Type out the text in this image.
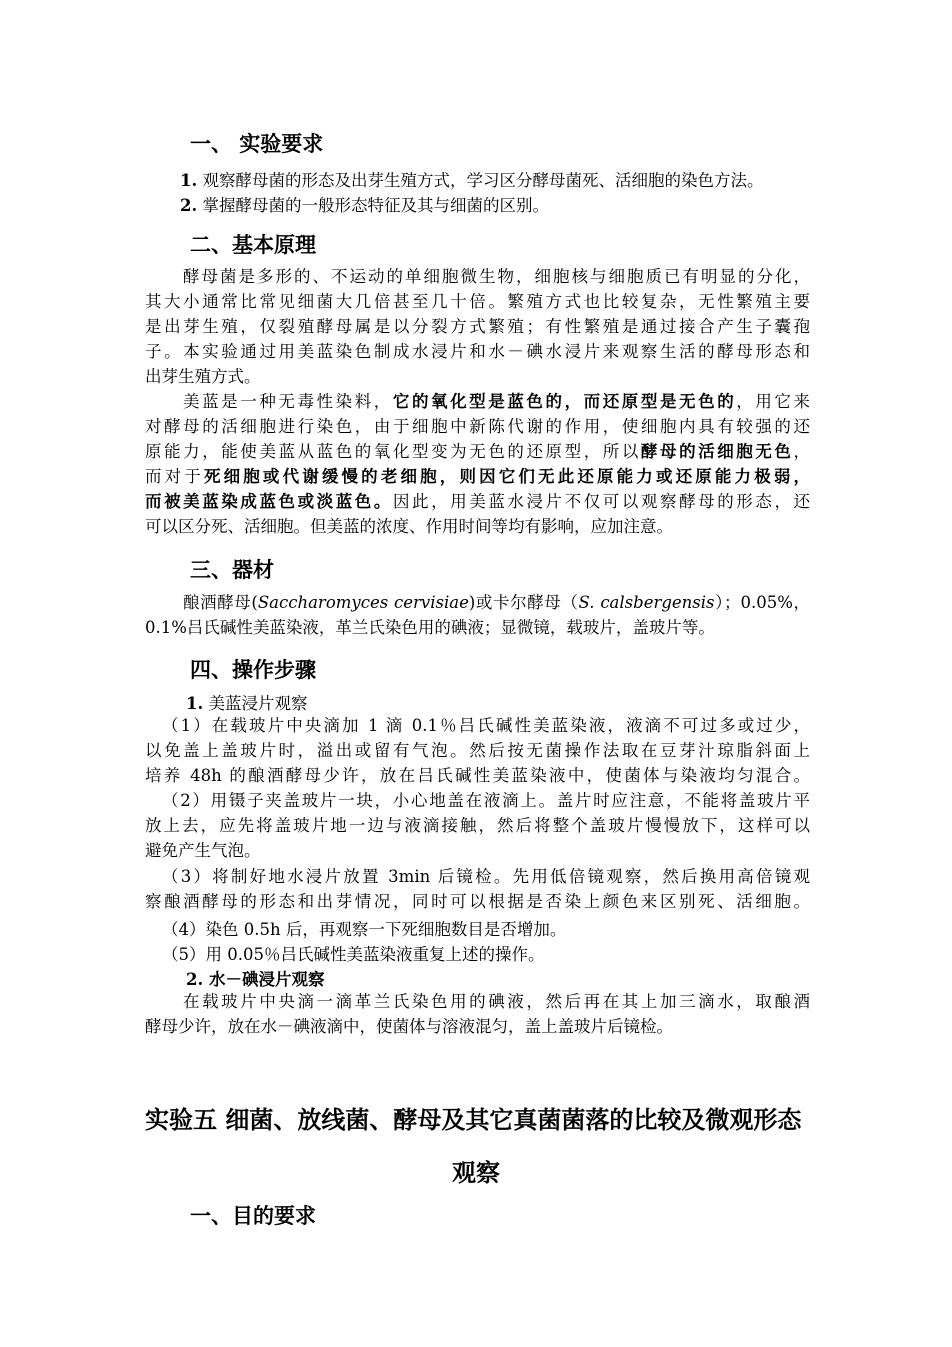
一、 实验要求
1. 观察酵母菌的形态及出芽生殖方式，学习区分酵母菌死、活细胞的染色方法。
2. 掌握酵母菌的一般形态特征及其与细菌的区别。
二、基本原理
酵母菌是多形的、不运动的单细胞微生物，细胞核与细胞质已有明显的分化，
其大小通常比常见细菌大几倍甚至几十倍。繁殖方式也比较复杂，无性繁殖主要
是出芽生殖，仅裂殖酵母属是以分裂方式繁殖；有性繁殖是通过接合产生子囊孢
子。本实验通过用美蓝染色制成水浸片和水－碘水浸片来观察生活的酵母形态和
出芽生殖方式。
美蓝是一种无毒性染料，它的氧化型是蓝色的，而还原型是无色的，用它来
对酵母的活细胞进行染色，由于细胞中新陈代谢的作用，使细胞内具有较强的还
原能力，能使美蓝从蓝色的氧化型变为无色的还原型，所以酵母的活细胞无色，
而对于死细胞或代谢缓慢的老细胞，则因它们无此还原能力或还原能力极弱，
而被美蓝染成蓝色或淡蓝色。因此，用美蓝水浸片不仅可以观察酵母的形态，还
可以区分死、活细胞。但美蓝的浓度、作用时间等均有影响，应加注意。
三、器材
酿酒酵母(Saccharomyces cervisiae)或卡尔酵母（S. calsbergensis）；0.05%，
0.1%吕氏碱性美蓝染液，革兰氏染色用的碘液；显微镜，载玻片，盖玻片等。
四、操作步骤
1. 美蓝浸片观察
（1）在载玻片中央滴加 1 滴 0.1％吕氏碱性美蓝染液，液滴不可过多或过少，
以免盖上盖玻片时，溢出或留有气泡。然后按无菌操作法取在豆芽汁琼脂斜面上
培养 48h 的酿酒酵母少许，放在吕氏碱性美蓝染液中，使菌体与染液均匀混合。
（2）用镊子夹盖玻片一块，小心地盖在液滴上。盖片时应注意，不能将盖玻片平
放上去，应先将盖玻片地一边与液滴接触，然后将整个盖玻片慢慢放下，这样可以
避免产生气泡。
（3）将制好地水浸片放置 3min 后镜检。先用低倍镜观察，然后换用高倍镜观
察酿酒酵母的形态和出芽情况，同时可以根据是否染上颜色来区别死、活细胞。
（4）染色 0.5h 后，再观察一下死细胞数目是否增加。
（5）用 0.05％吕氏碱性美蓝染液重复上述的操作。
2. 水－碘浸片观察
在载玻片中央滴一滴革兰氏染色用的碘液，然后再在其上加三滴水，取酿酒
酵母少许，放在水－碘液滴中，使菌体与溶液混匀，盖上盖玻片后镜检。
实验五 细菌、放线菌、酵母及其它真菌菌落的比较及微观形态
观察
一、目的要求
